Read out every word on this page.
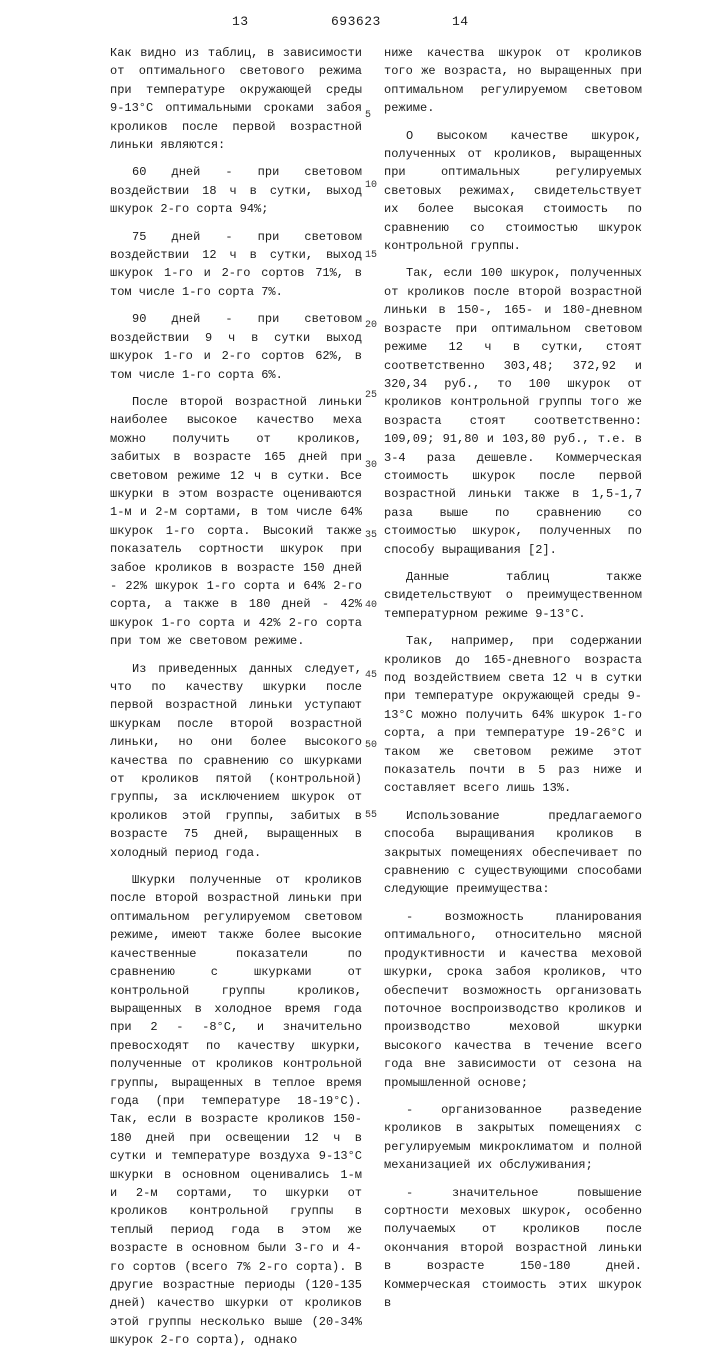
13	693623	14

Как видно из таблиц, в зависимости от оптимального светового режима при температуре окружающей среды 9-13°С оптимальными сроками забоя кроликов после первой возрастной линьки являются:

60 дней - при световом воздействии 18 ч в сутки, выход шкурок 2-го сорта 94%;

75 дней - при световом воздействии 12 ч в сутки, выход шкурок 1-го и 2-го сортов 71%, в том числе 1-го сорта 7%.

90 дней - при световом воздействии 9 ч в сутки выход шкурок 1-го и 2-го сортов 62%, в том числе 1-го сорта 6%.

После второй возрастной линьки наиболее высокое качество меха можно получить от кроликов, забитых в возрасте 165 дней при световом режиме 12 ч в сутки. Все шкурки в этом возрасте оцениваются 1-м и 2-м сортами, в том числе 64% шкурок 1-го сорта. Высокий также показатель сортности шкурок при забое кроликов в возрасте 150 дней - 22% шкурок 1-го сорта и 64% 2-го сорта, а также в 180 дней - 42% шкурок 1-го сорта и 42% 2-го сорта при том же световом режиме.

Из приведенных данных следует, что по качеству шкурки после первой возрастной линьки уступают шкуркам после второй возрастной линьки, но они более высокого качества по сравнению со шкурками от кроликов пятой (контрольной) группы, за исключением шкурок от кроликов этой группы, забитых в возрасте 75 дней, выращенных в холодный период года.

Шкурки полученные от кроликов после второй возрастной линьки при оптимальном регулируемом световом режиме, имеют также более высокие качественные показатели по сравнению с шкурками от контрольной группы кроликов, выращенных в холодное время года при 2 - -8°С, и значительно превосходят по качеству шкурки, полученные от кроликов контрольной группы, выращенных в теплое время года (при температуре 18-19°С). Так, если в возрасте кроликов 150-180 дней при освещении 12 ч в сутки и температуре воздуха 9-13°С шкурки в основном оценивались 1-м и 2-м сортами, то шкурки от кроликов контрольной группы в теплый период года в этом же возрасте в основном были 3-го и 4-го сортов (всего 7% 2-го сорта). В другие возрастные периоды (120-135 дней) качество шкурки от кроликов этой группы несколько выше (20-34% шкурок 2-го сорта), однако

ниже качества шкурок от кроликов того же возраста, но выращенных при оптимальном регулируемом световом режиме.

О высоком качестве шкурок, полученных от кроликов, выращенных при оптимальных регулируемых световых режимах, свидетельствует их более высокая стоимость по сравнению со стоимостью шкурок контрольной группы.

Так, если 100 шкурок, полученных от кроликов после второй возрастной линьки в 150-, 165- и 180-дневном возрасте при оптимальном световом режиме 12 ч в сутки, стоят соответственно 303,48; 372,92 и 320,34 руб., то 100 шкурок от кроликов контрольной группы того же возраста стоят соответственно: 109,09; 91,80 и 103,80 руб., т.е. в 3-4 раза дешевле. Коммерческая стоимость шкурок после первой возрастной линьки также в 1,5-1,7 раза выше по сравнению со стоимостью шкурок, полученных по способу выращивания [2].

Данные таблиц также свидетельствуют о преимущественном температурном режиме 9-13°С.

Так, например, при содержании кроликов до 165-дневного возраста под воздействием света 12 ч в сутки при температуре окружающей среды 9-13°С можно получить 64% шкурок 1-го сорта, а при температуре 19-26°С и таком же световом режиме этот показатель почти в 5 раз ниже и составляет всего лишь 13%.

Использование предлагаемого способа выращивания кроликов в закрытых помещениях обеспечивает по сравнению с существующими способами следующие преимущества:

- возможность планирования оптимального, относительно мясной продуктивности и качества меховой шкурки, срока забоя кроликов, что обеспечит возможность организовать поточное воспроизводство кроликов и производство меховой шкурки высокого качества в течение всего года вне зависимости от сезона на промышленной основе;

- организованное разведение кроликов в закрытых помещениях с регулируемым микроклиматом и полной механизацией их обслуживания;

- значительное повышение сортности меховых шкурок, особенно получаемых от кроликов после окончания второй возрастной линьки в возрасте 150-180 дней. Коммерческая стоимость этих шкурок в

5
10
15
20
25
30
35
40
45
50
55
